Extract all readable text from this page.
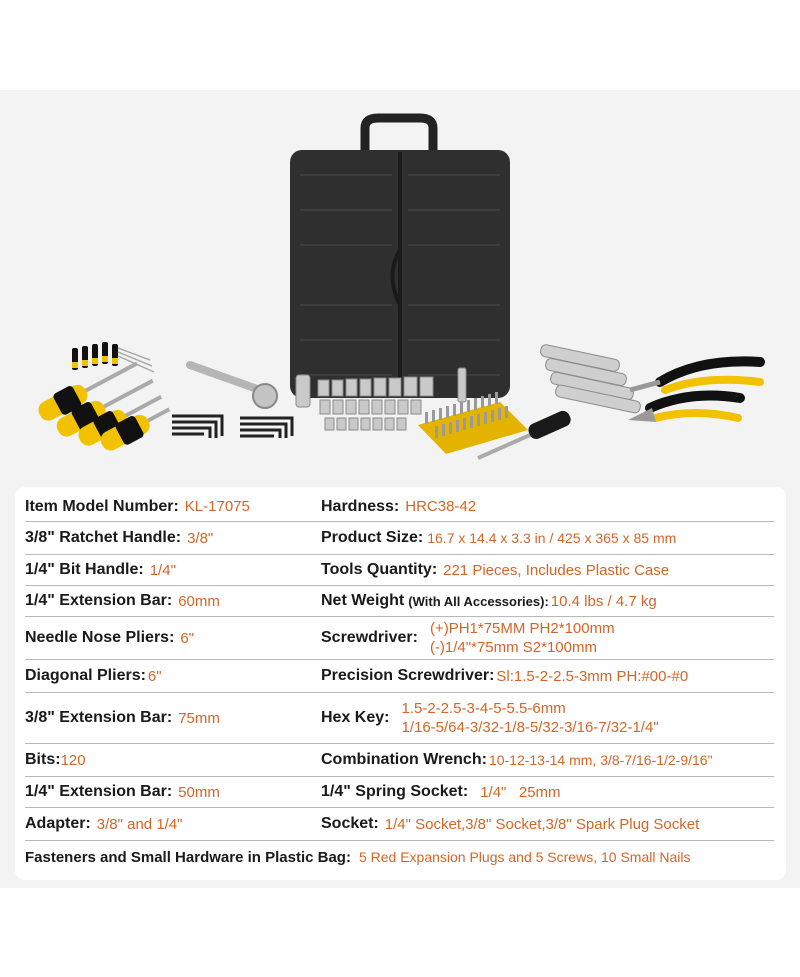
Item Model Number: KL-17075	Hardness: HRC38-42
3/8" Ratchet Handle: 3/8"	Product Size: 16.7 x 14.4 x 3.3 in / 425 x 365 x 85 mm
1/4" Bit Handle: 1/4"	Tools Quantity: 221 Pieces, Includes Plastic Case
1/4" Extension Bar: 60mm	Net Weight (With All Accessories): 10.4 lbs / 4.7 kg
Needle Nose Pliers: 6"	Screwdriver:
(+)PH1*75MM PH2*100mm
(-)1/4"*75mm S2*100mm
Diagonal Pliers: 6"	Precision Screwdriver: Sl:1.5-2-2.5-3mm PH:#00-#0
3/8" Extension Bar: 75mm	Hex Key:
1.5-2-2.5-3-4-5-5.5-6mm
1/16-5/64-3/32-1/8-5/32-3/16-7/32-1/4"
Bits: 120	Combination Wrench: 10-12-13-14 mm, 3/8-7/16-1/2-9/16"
1/4" Extension Bar: 50mm	1/4" Spring Socket: 1/4"   25mm
Adapter: 3/8" and 1/4"	Socket: 1/4" Socket,3/8" Socket,3/8" Spark Plug Socket
Fasteners and Small Hardware in Plastic Bag: 5 Red Expansion Plugs and 5 Screws, 10 Small Nails
